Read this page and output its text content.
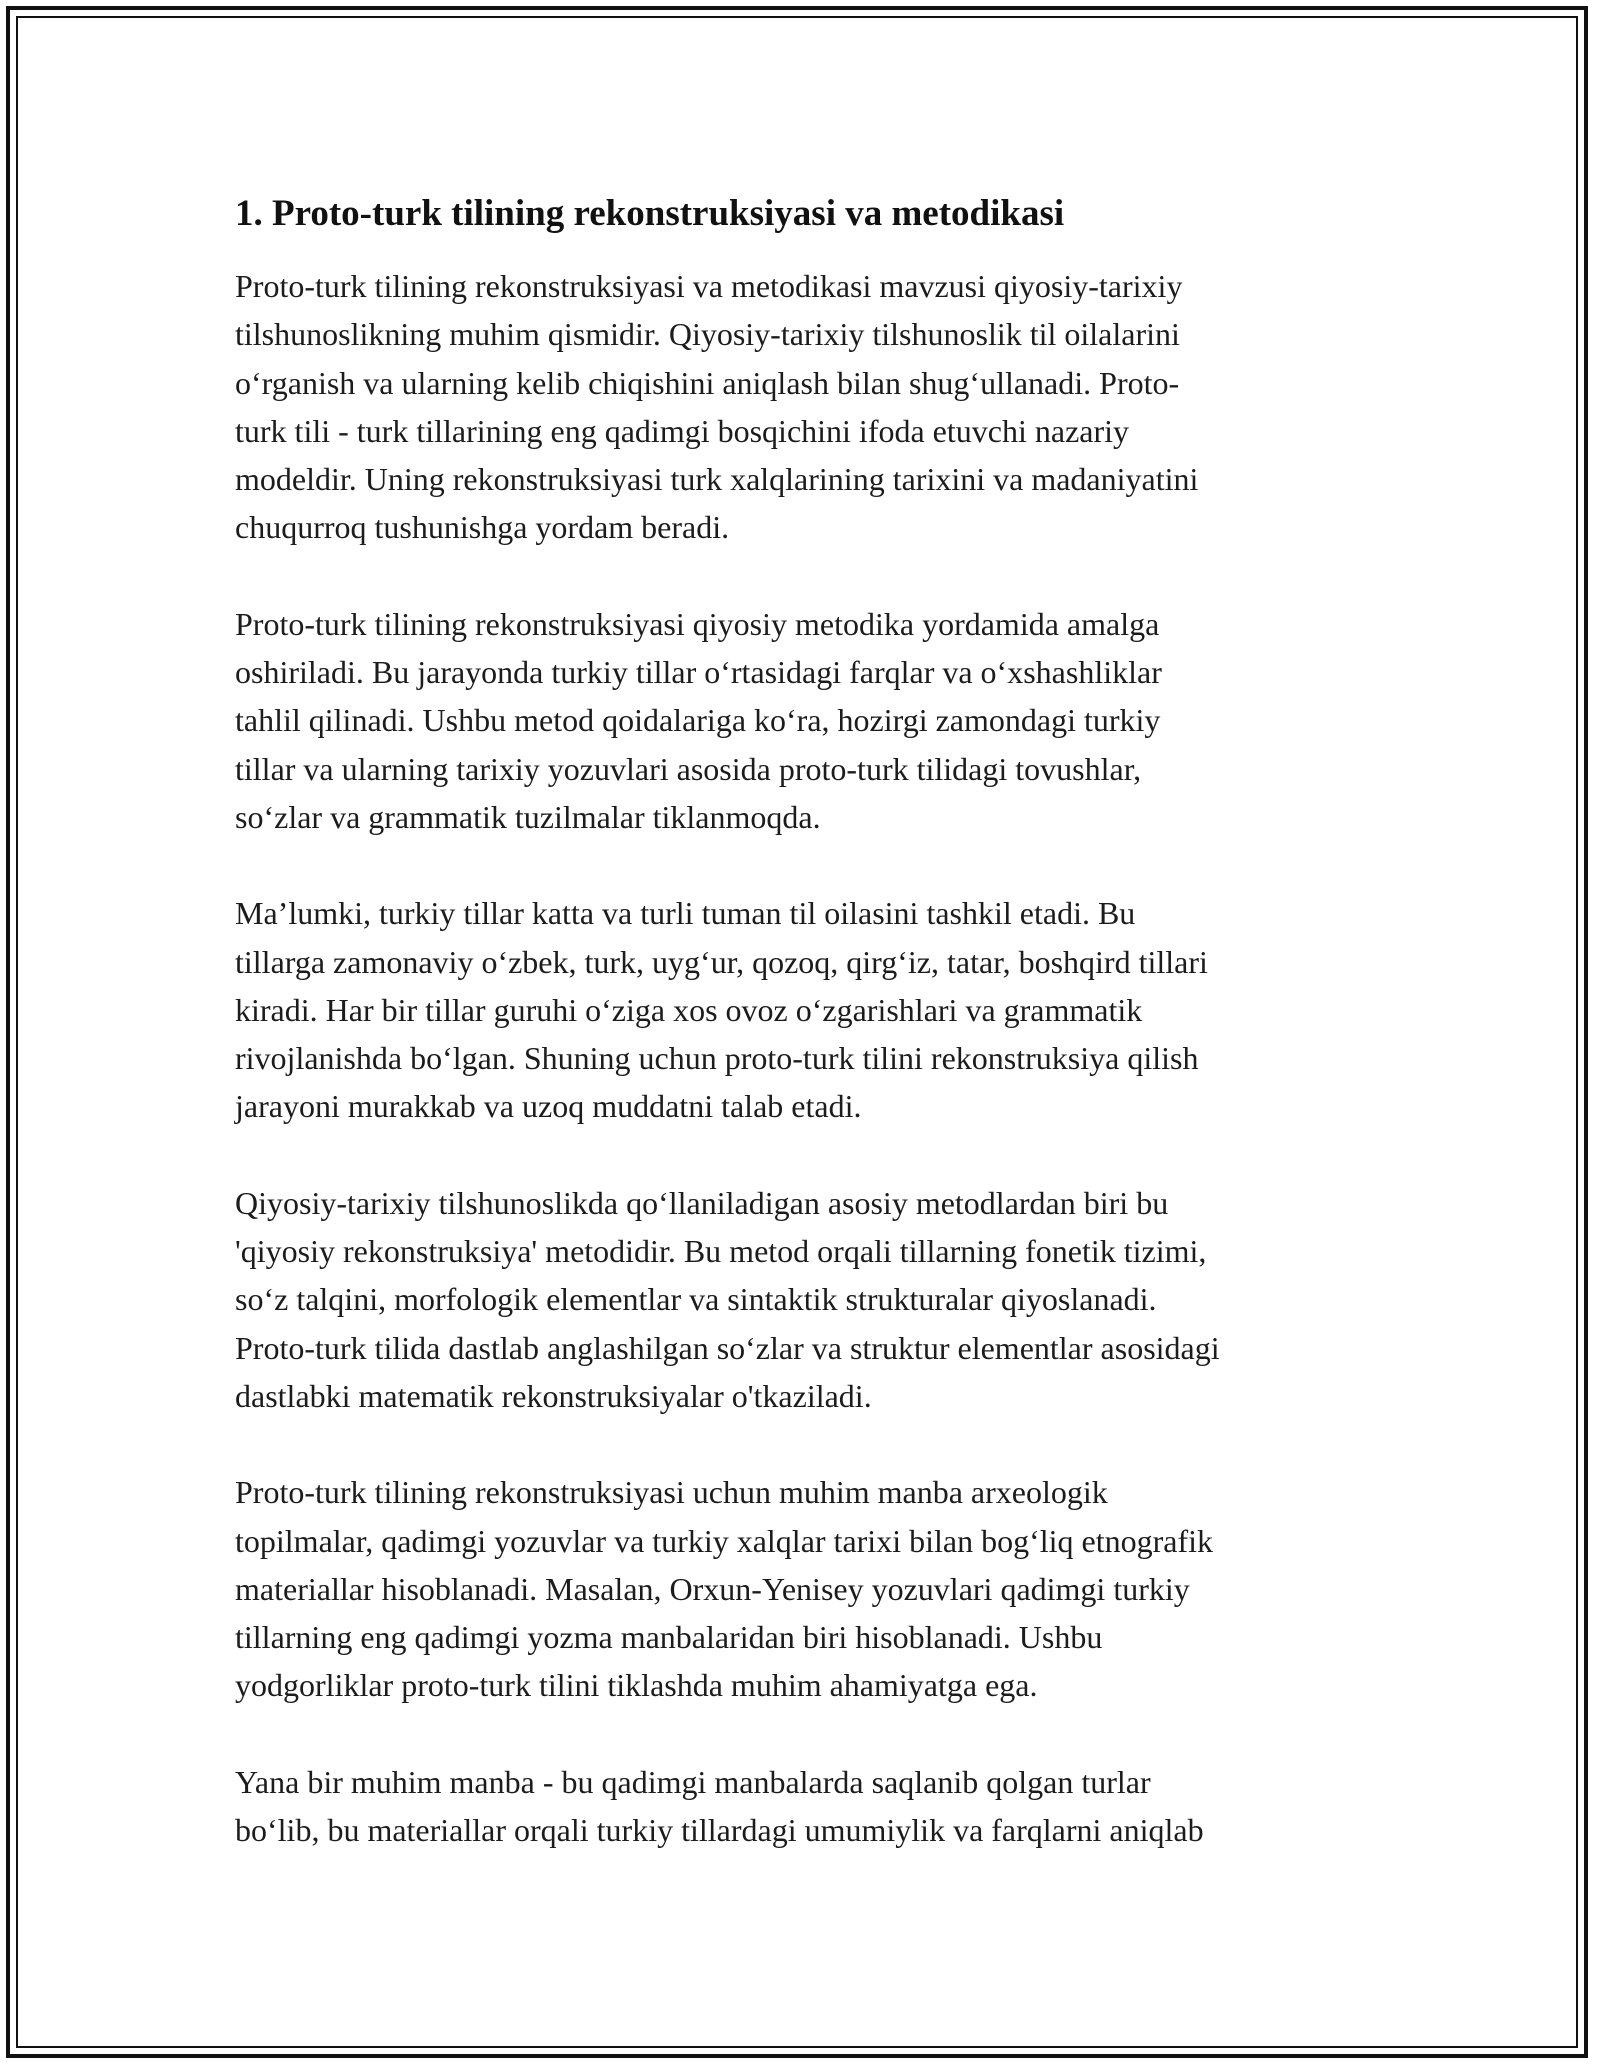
1. Proto-turk tilining rekonstruksiyasi va metodikasi

Proto-turk tilining rekonstruksiyasi va metodikasi mavzusi qiyosiy-tarixiy
tilshunoslikning muhim qismidir. Qiyosiy-tarixiy tilshunoslik til oilalarini
o‘rganish va ularning kelib chiqishini aniqlash bilan shug‘ullanadi. Proto-
turk tili - turk tillarining eng qadimgi bosqichini ifoda etuvchi nazariy
modeldir. Uning rekonstruksiyasi turk xalqlarining tarixini va madaniyatini
chuqurroq tushunishga yordam beradi.

Proto-turk tilining rekonstruksiyasi qiyosiy metodika yordamida amalga
oshiriladi. Bu jarayonda turkiy tillar o‘rtasidagi farqlar va o‘xshashliklar
tahlil qilinadi. Ushbu metod qoidalariga ko‘ra, hozirgi zamondagi turkiy
tillar va ularning tarixiy yozuvlari asosida proto-turk tilidagi tovushlar,
so‘zlar va grammatik tuzilmalar tiklanmoqda.

Ma’lumki, turkiy tillar katta va turli tuman til oilasini tashkil etadi. Bu
tillarga zamonaviy o‘zbek, turk, uyg‘ur, qozoq, qirg‘iz, tatar, boshqird tillari
kiradi. Har bir tillar guruhi o‘ziga xos ovoz o‘zgarishlari va grammatik
rivojlanishda bo‘lgan. Shuning uchun proto-turk tilini rekonstruksiya qilish
jarayoni murakkab va uzoq muddatni talab etadi.

Qiyosiy-tarixiy tilshunoslikda qo‘llaniladigan asosiy metodlardan biri bu
'qiyosiy rekonstruksiya' metodidir. Bu metod orqali tillarning fonetik tizimi,
so‘z talqini, morfologik elementlar va sintaktik strukturalar qiyoslanadi.
Proto-turk tilida dastlab anglashilgan so‘zlar va struktur elementlar asosidagi
dastlabki matematik rekonstruksiyalar o'tkaziladi.

Proto-turk tilining rekonstruksiyasi uchun muhim manba arxeologik
topilmalar, qadimgi yozuvlar va turkiy xalqlar tarixi bilan bog‘liq etnografik
materiallar hisoblanadi. Masalan, Orxun-Yenisey yozuvlari qadimgi turkiy
tillarning eng qadimgi yozma manbalaridan biri hisoblanadi. Ushbu
yodgorliklar proto-turk tilini tiklashda muhim ahamiyatga ega.

Yana bir muhim manba - bu qadimgi manbalarda saqlanib qolgan turlar
bo‘lib, bu materiallar orqali turkiy tillardagi umumiylik va farqlarni aniqlab
